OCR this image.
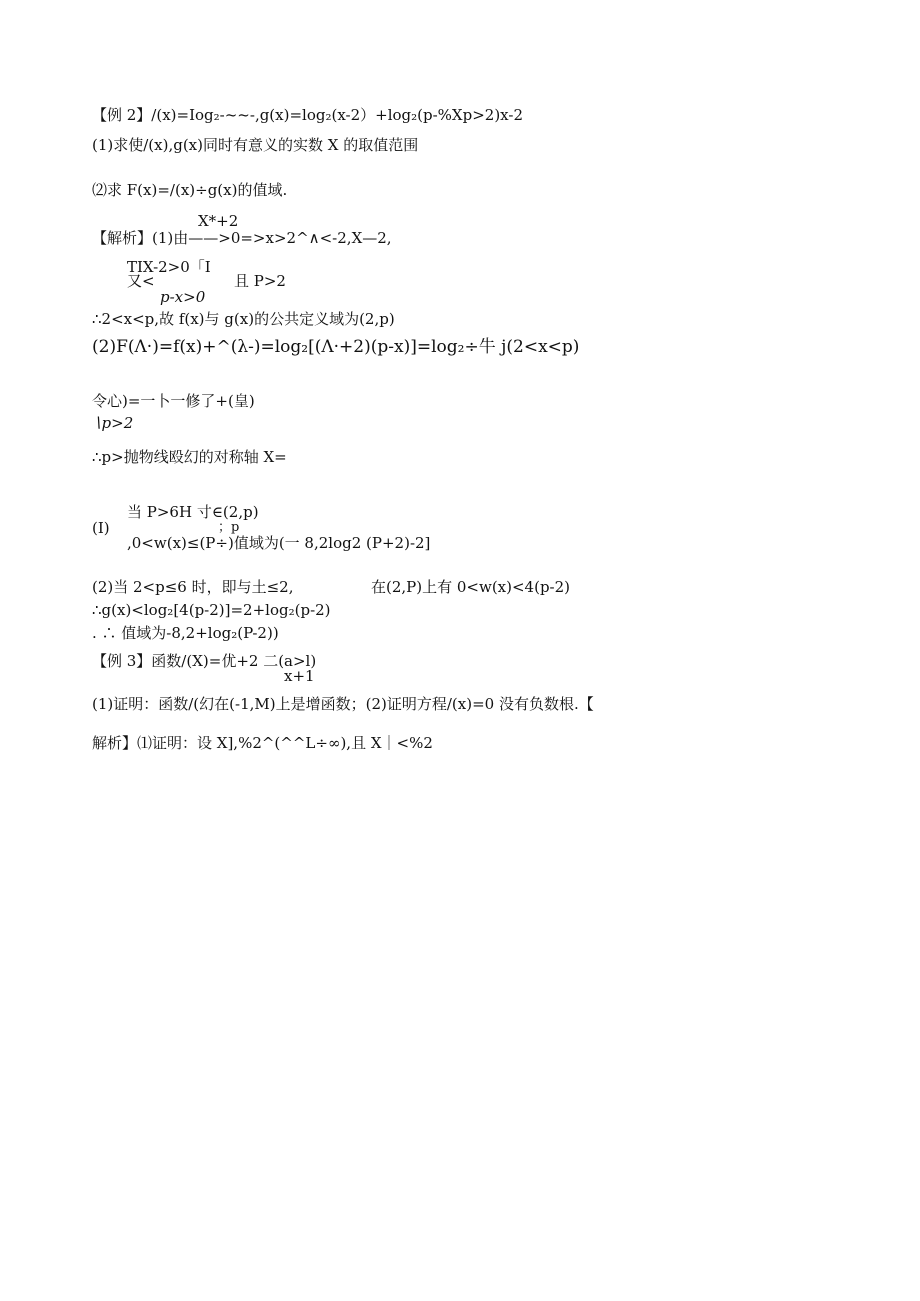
【例 2】/(x)=Iog₂-~~-,g(x)=log₂(x-2）+log₂(p-%Xp>2)x-2
(1)求使/(x),g(x)同时有意义的实数 X 的取值范围
⑵求 F(x)=/(x)÷g(x)的值域.
X*+2
【解析】(1)由——>0=>x>2^∧<-2,X—2,
TIX-2>0「I
又<	且 P>2
p-x>0
∴2<x<p,故 f(x)与 g(x)的公共定义域为(2,p)
(2)F(Λ·)=f(x)+^(λ-)=log₂[(Λ·+2)(p-x)]=log₂÷牛 j(2<x<p)
令心)=一卜一修了+(皇)
∖p>2
∴p>抛物线殴幻的对称轴 X=
(I)
当 P>6H 寸∈(2,p)
；p
,0<w(x)≤(P÷)值域为(一 8,2log2 (P+2)-2]
(2)当 2<p≤6 时，即与土≤2,	在(2,P)上有 0<w(x)<4(p-2)
∴g(x)<log₂[4(p-2)]=2+log₂(p-2)
. ∴ 值域为-8,2+log₂(P-2))
【例 3】函数/(X)=优+2 二(a>l)
x+1
(1)证明：函数/(幻在(-1,M)上是增函数；(2)证明方程/(x)=0 没有负数根.【
解析】⑴证明：设 X],%2^(^^L÷∞),且 X｜<%2
